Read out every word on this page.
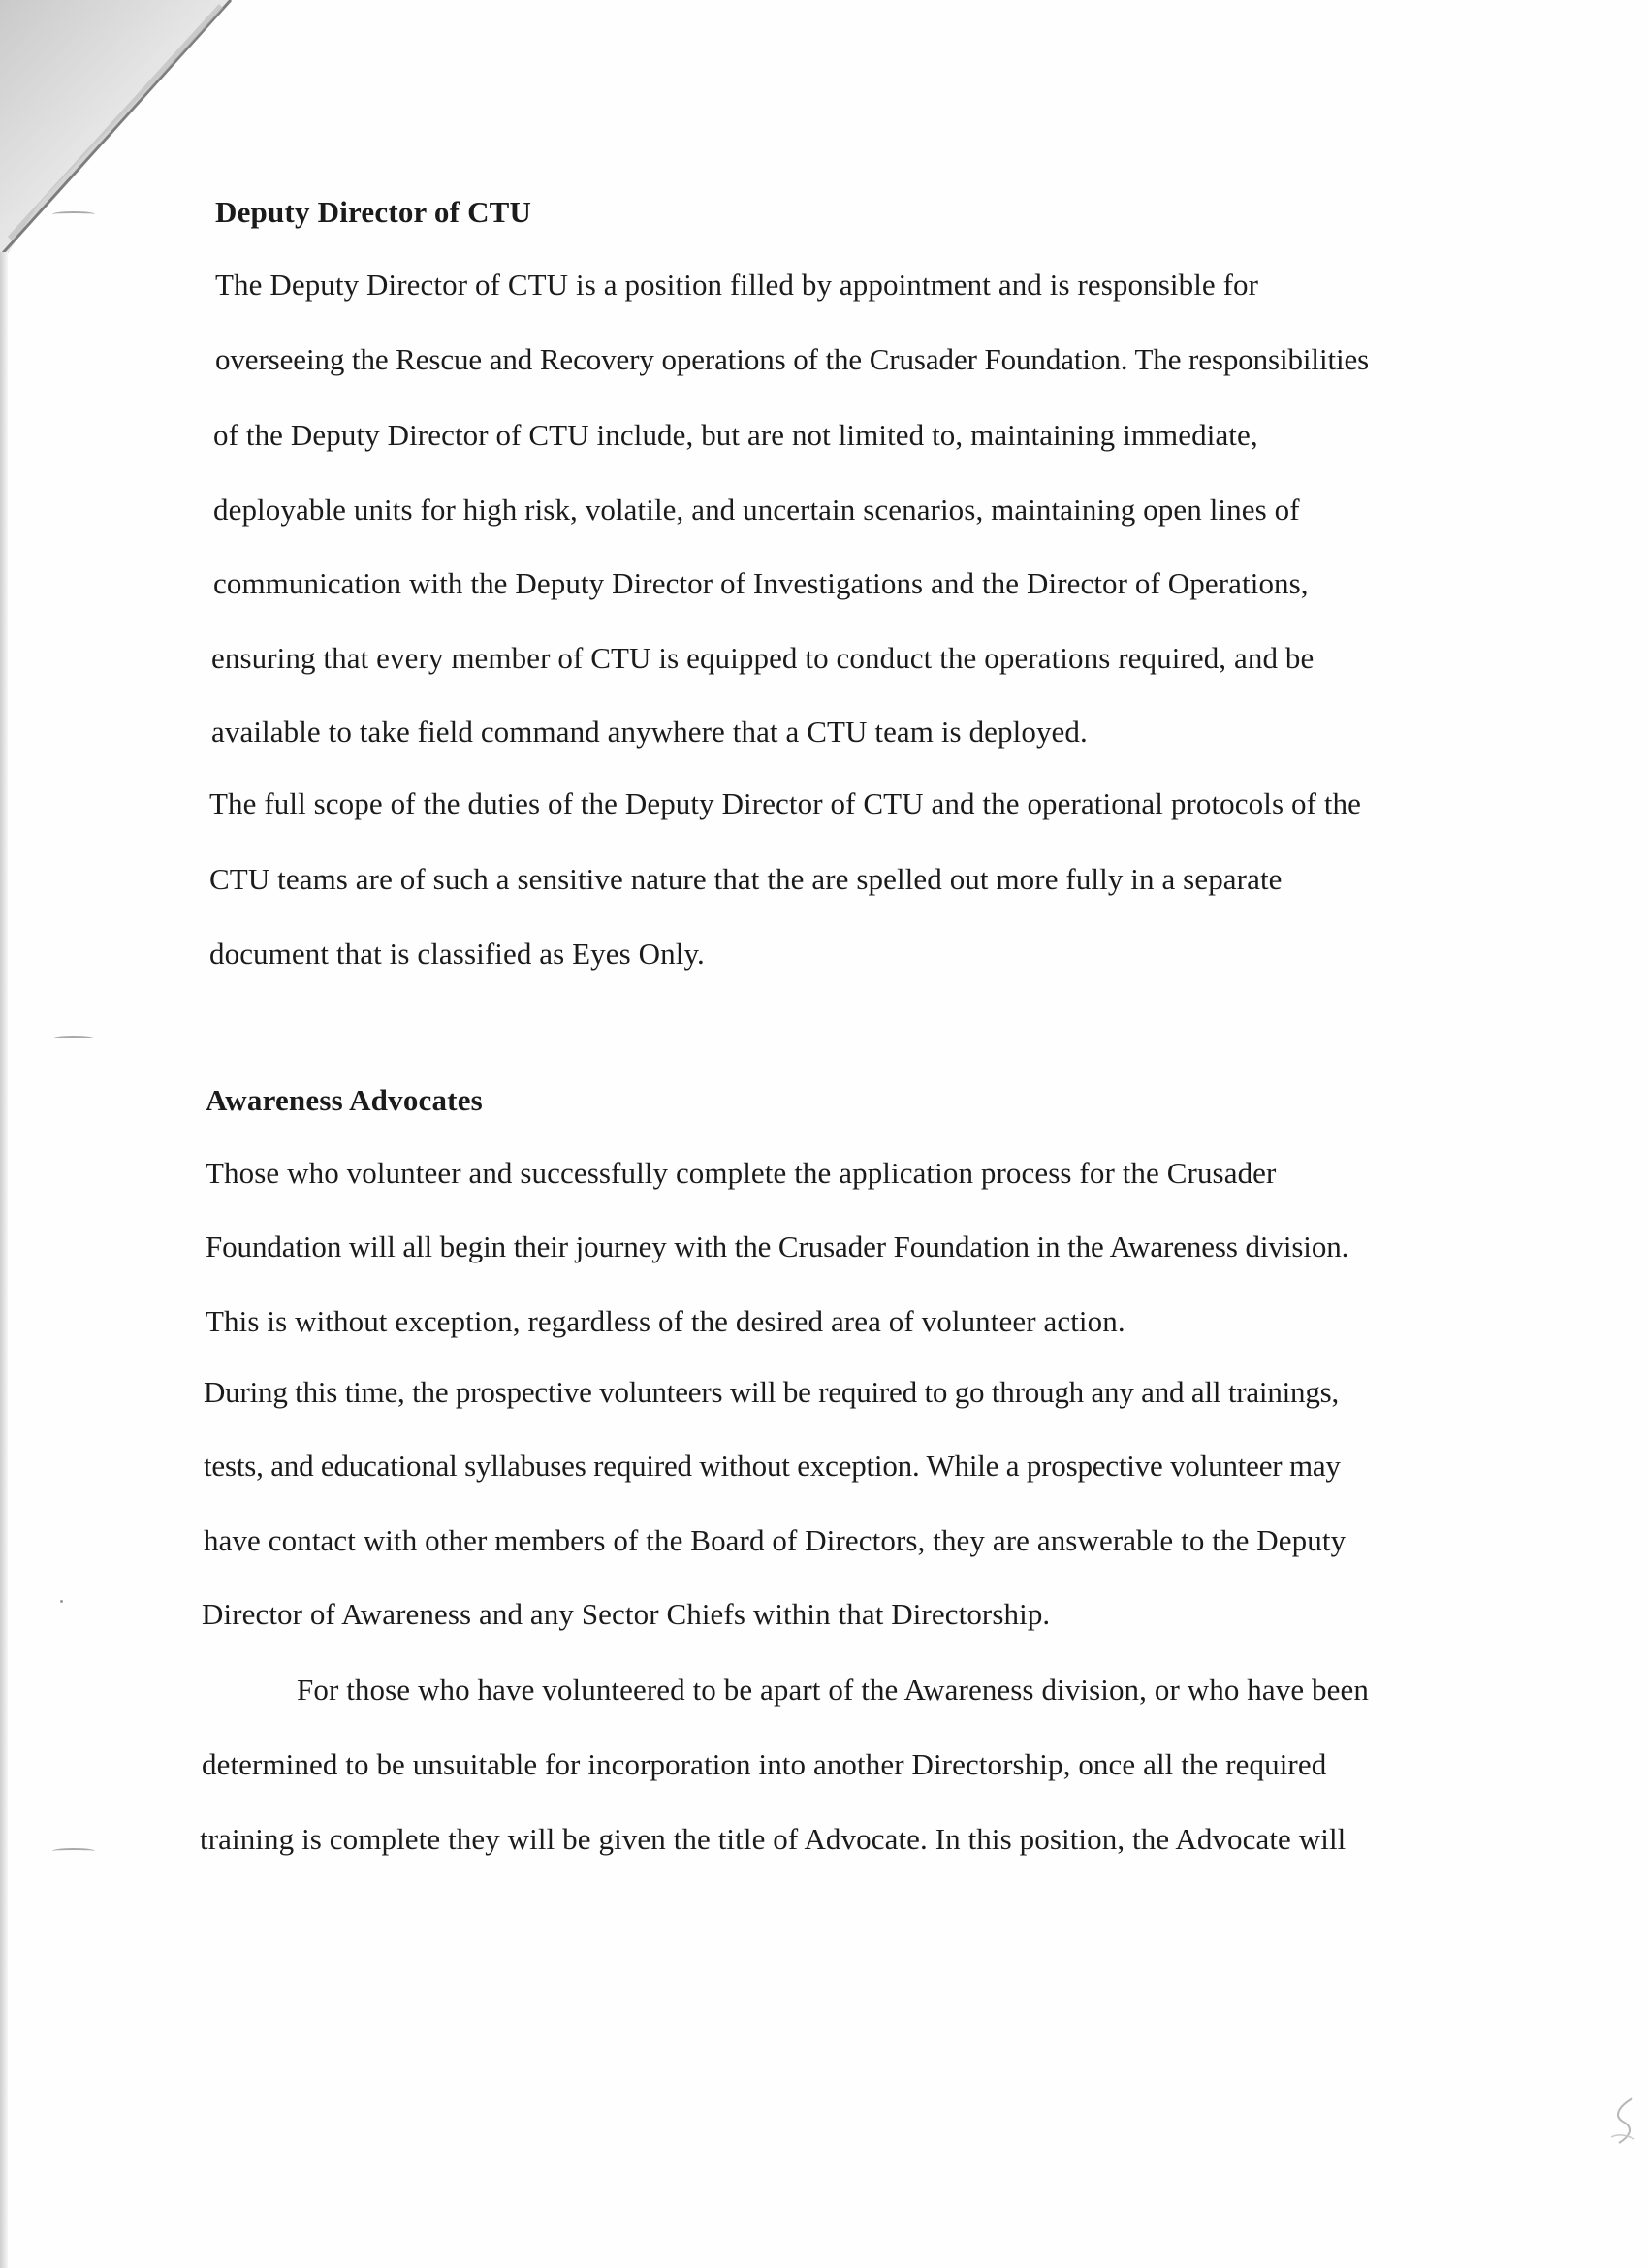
Deputy Director of CTU

The Deputy Director of CTU is a position filled by appointment and is responsible for

overseeing the Rescue and Recovery operations of the Crusader Foundation. The responsibilities

of the Deputy Director of CTU include, but are not limited to, maintaining immediate,

deployable units for high risk, volatile, and uncertain scenarios, maintaining open lines of

communication with the Deputy Director of Investigations and the Director of Operations,

ensuring that every member of CTU is equipped to conduct the operations required, and be

available to take field command anywhere that a CTU team is deployed.

The full scope of the duties of the Deputy Director of CTU and the operational protocols of the

CTU teams are of such a sensitive nature that the are spelled out more fully in a separate

document that is classified as Eyes Only.

Awareness Advocates

Those who volunteer and successfully complete the application process for the Crusader

Foundation will all begin their journey with the Crusader Foundation in the Awareness division.

This is without exception, regardless of the desired area of volunteer action.

During this time, the prospective volunteers will be required to go through any and all trainings,

tests, and educational syllabuses required without exception. While a prospective volunteer may

have contact with other members of the Board of Directors, they are answerable to the Deputy

Director of Awareness and any Sector Chiefs within that Directorship.

For those who have volunteered to be apart of the Awareness division, or who have been

determined to be unsuitable for incorporation into another Directorship, once all the required

training is complete they will be given the title of Advocate. In this position, the Advocate will
